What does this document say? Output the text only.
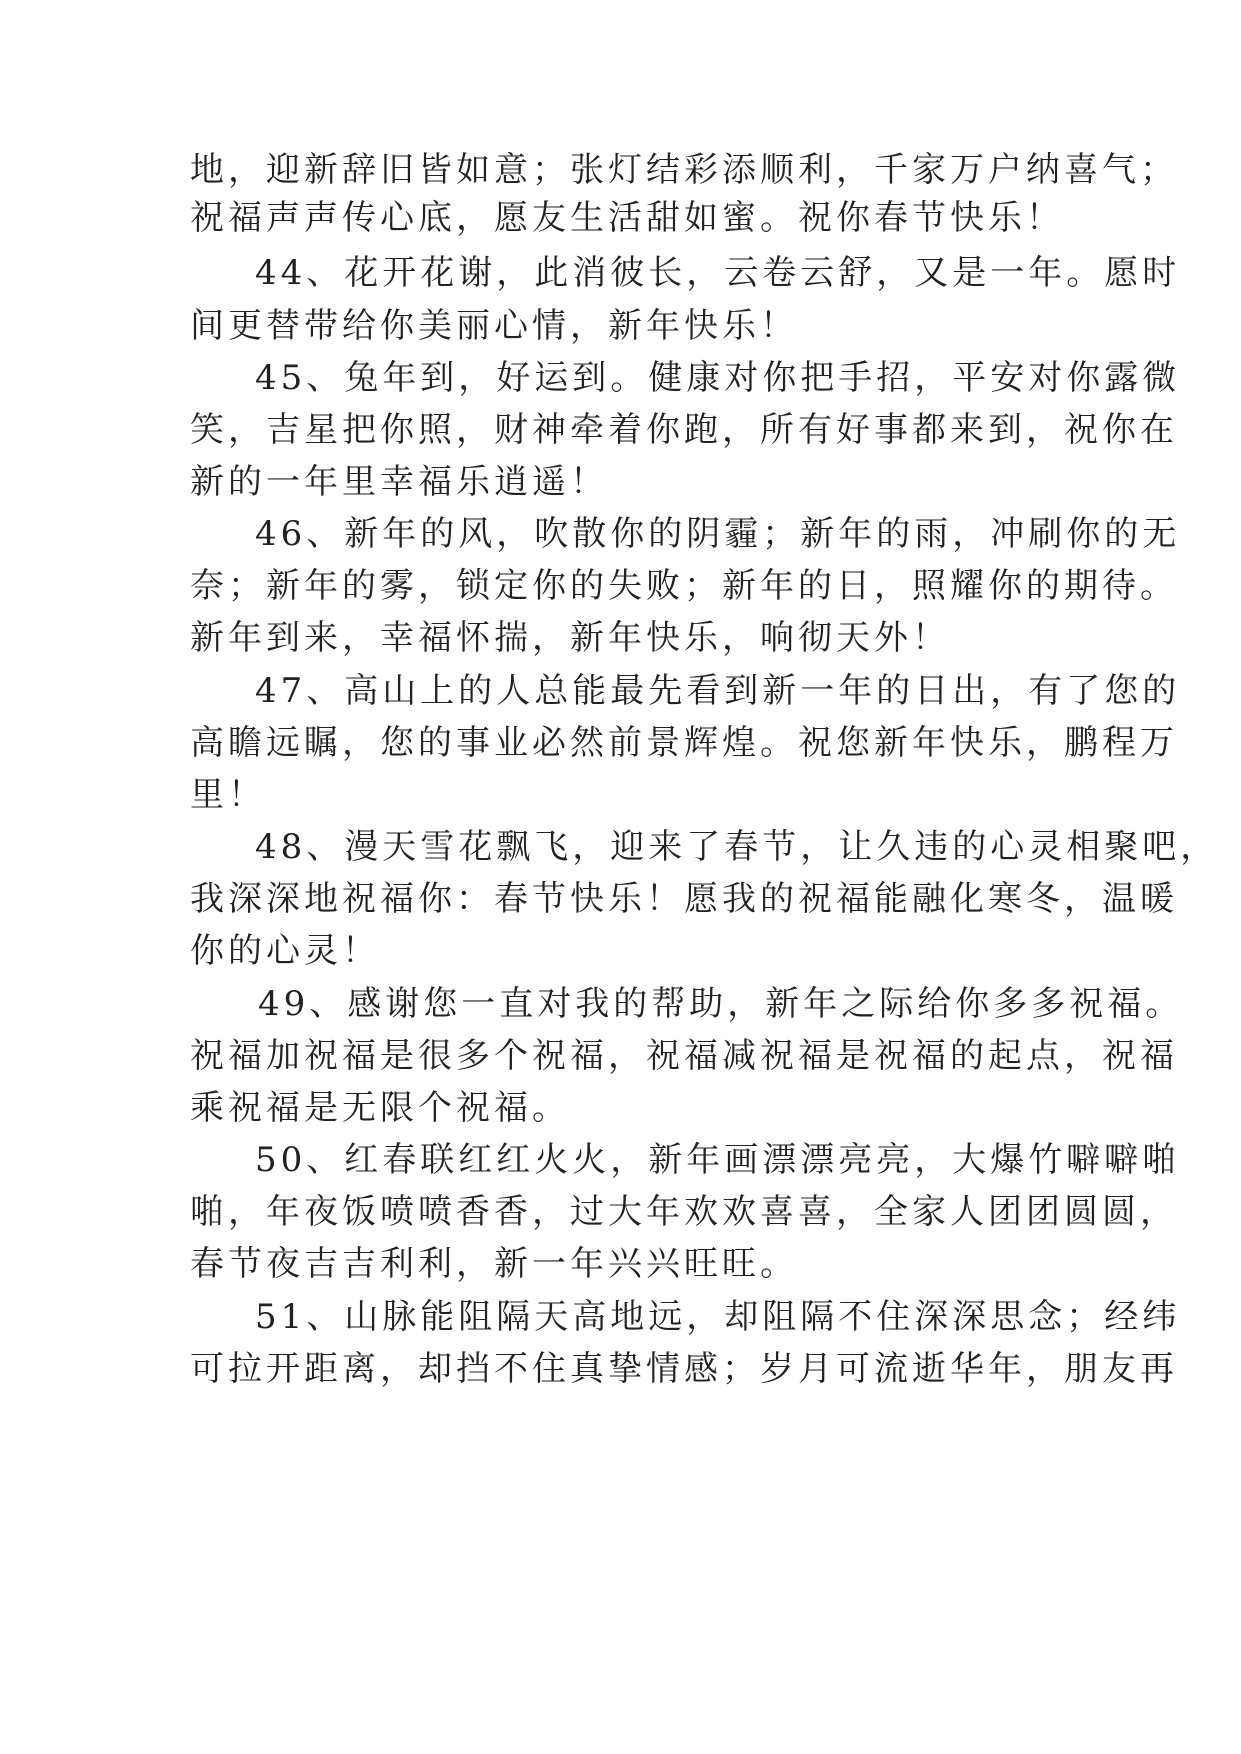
地，迎新辞旧皆如意；张灯结彩添顺利，千家万户纳喜气；
祝福声声传心底，愿友生活甜如蜜。祝你春节快乐！
44、花开花谢，此消彼长，云卷云舒，又是一年。愿时
间更替带给你美丽心情，新年快乐！
45、兔年到，好运到。健康对你把手招，平安对你露微
笑，吉星把你照，财神牵着你跑，所有好事都来到，祝你在
新的一年里幸福乐逍遥！
46、新年的风，吹散你的阴霾；新年的雨，冲刷你的无
奈；新年的雾，锁定你的失败；新年的日，照耀你的期待。
新年到来，幸福怀揣，新年快乐，响彻天外！
47、高山上的人总能最先看到新一年的日出，有了您的
高瞻远瞩，您的事业必然前景辉煌。祝您新年快乐，鹏程万
里！
48、漫天雪花飘飞，迎来了春节，让久违的心灵相聚吧，
我深深地祝福你：春节快乐！愿我的祝福能融化寒冬，温暖
你的心灵！
49、感谢您一直对我的帮助，新年之际给你多多祝福。
祝福加祝福是很多个祝福，祝福减祝福是祝福的起点，祝福
乘祝福是无限个祝福。
50、红春联红红火火，新年画漂漂亮亮，大爆竹噼噼啪
啪，年夜饭喷喷香香，过大年欢欢喜喜，全家人团团圆圆，
春节夜吉吉利利，新一年兴兴旺旺。
51、山脉能阻隔天高地远，却阻隔不住深深思念；经纬
可拉开距离，却挡不住真挚情感；岁月可流逝华年，朋友再
